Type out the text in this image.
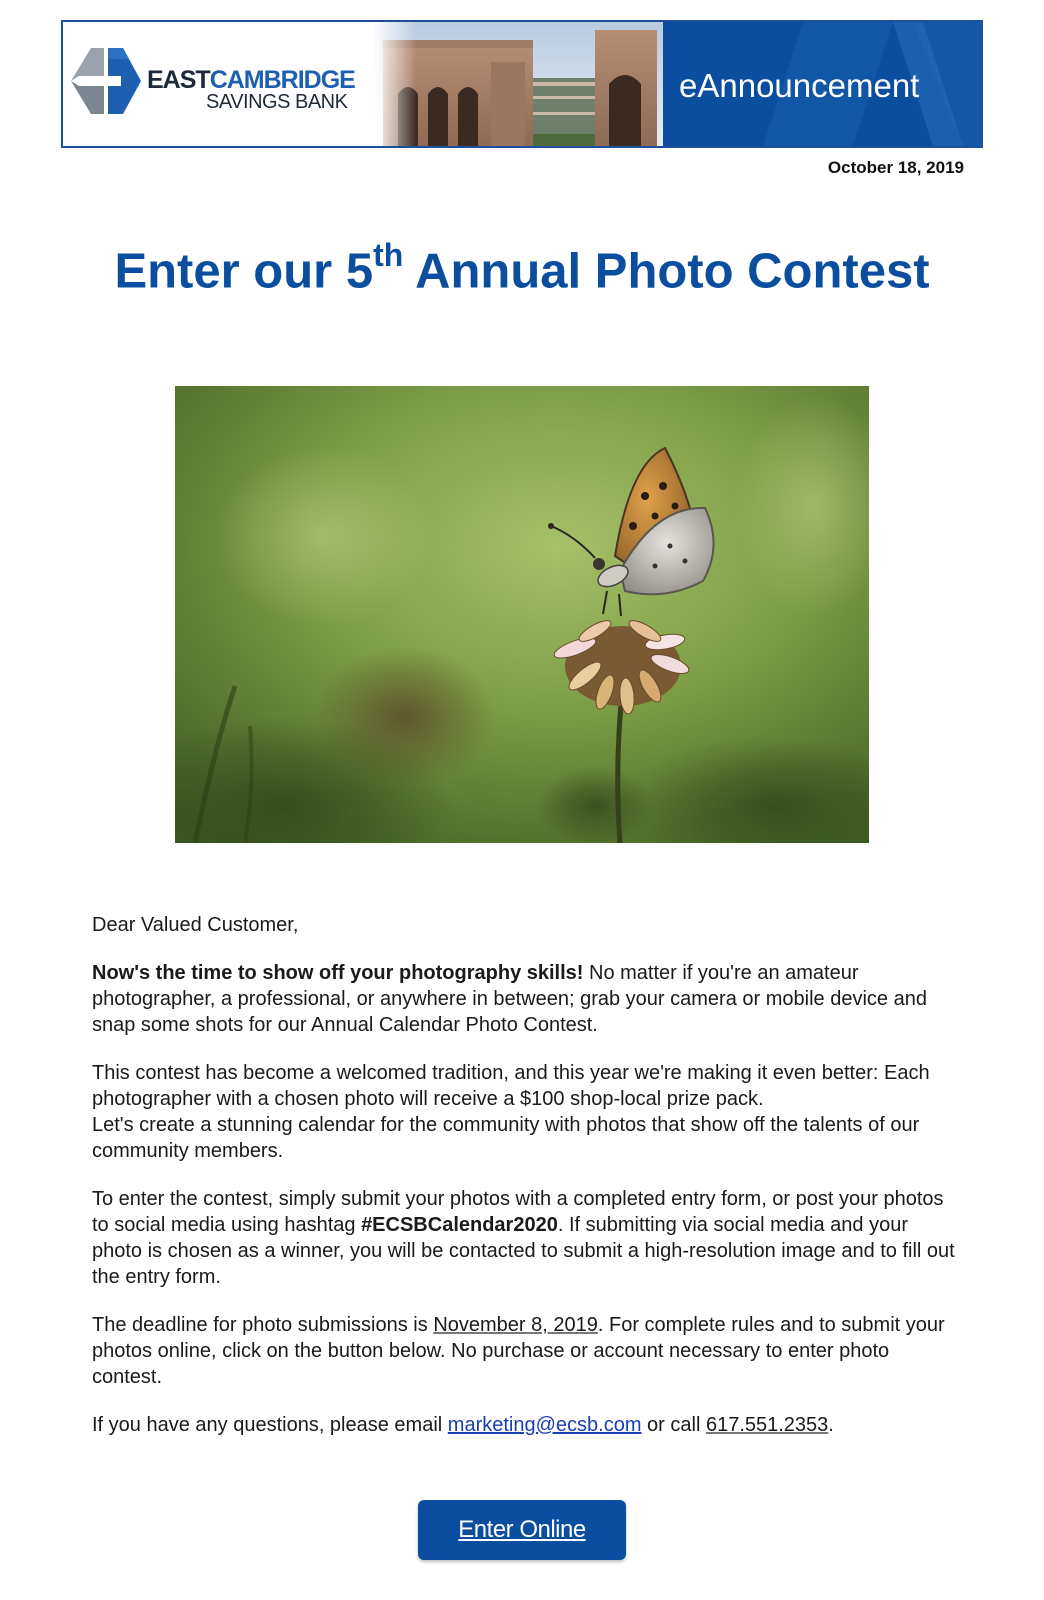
EASTCAMBRIDGE
SAVINGS BANK	eAnnouncement
October 18, 2019
Enter our 5th Annual Photo Contest

Dear Valued Customer,

Now's the time to show off your photography skills! No matter if you're an amateur photographer, a professional, or anywhere in between; grab your camera or mobile device and snap some shots for our Annual Calendar Photo Contest.

This contest has become a welcomed tradition, and this year we're making it even better: Each photographer with a chosen photo will receive a $100 shop-local prize pack.
Let's create a stunning calendar for the community with photos that show off the talents of our community members.

To enter the contest, simply submit your photos with a completed entry form, or post your photos to social media using hashtag #ECSBCalendar2020. If submitting via social media and your photo is chosen as a winner, you will be contacted to submit a high-resolution image and to fill out the entry form.

The deadline for photo submissions is November 8, 2019. For complete rules and to submit your photos online, click on the button below. No purchase or account necessary to enter photo contest.

If you have any questions, please email marketing@ecsb.com or call 617.551.2353.

Enter Online
